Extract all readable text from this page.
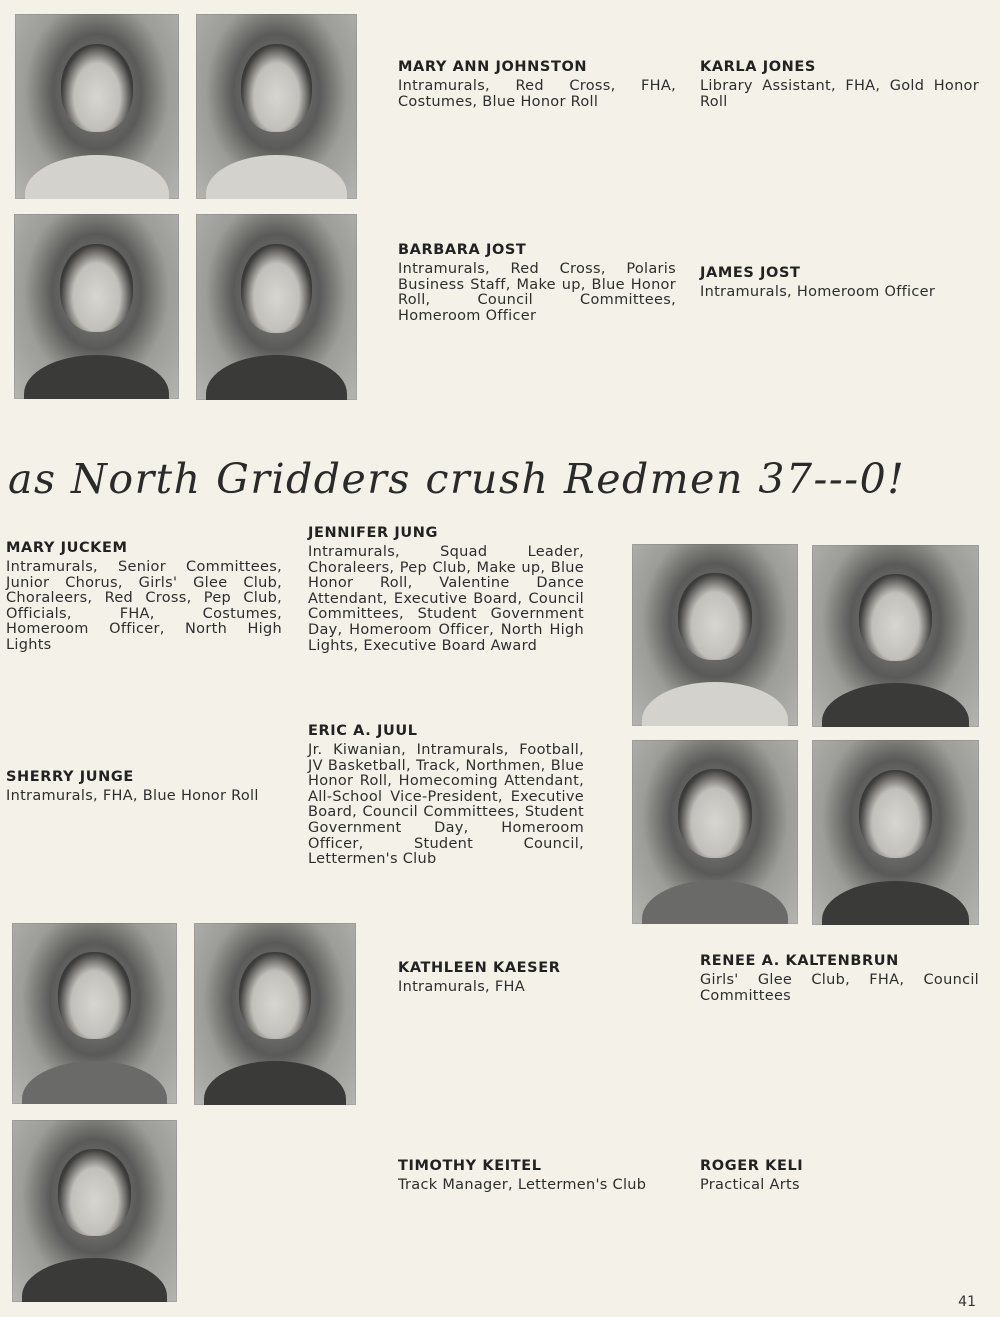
MARY ANN JOHNSTON

Intramurals, Red Cross, FHA, Costumes, Blue Honor Roll

KARLA JONES

Library Assistant, FHA, Gold Honor Roll

BARBARA JOST

Intramurals, Red Cross, Polaris Business Staff, Make up, Blue Honor Roll, Council Committees, Homeroom Officer

JAMES JOST

Intramurals, Homeroom Officer

as North Gridders crush Redmen 37---0!

MARY JUCKEM

Intramurals, Senior Committees, Junior Chorus, Girls' Glee Club, Choraleers, Red Cross, Pep Club, Officials, FHA, Costumes, Homeroom Officer, North High Lights

JENNIFER JUNG

Intramurals, Squad Leader, Choraleers, Pep Club, Make up, Blue Honor Roll, Valentine Dance Attendant, Executive Board, Council Committees, Student Government Day, Homeroom Officer, North High Lights, Executive Board Award

SHERRY JUNGE

Intramurals, FHA, Blue Honor Roll

ERIC A. JUUL

Jr. Kiwanian, Intramurals, Football, JV Basketball, Track, Northmen, Blue Honor Roll, Homecoming Attendant, All-School Vice-President, Executive Board, Council Committees, Student Government Day, Homeroom Officer, Student Council, Lettermen's Club

KATHLEEN KAESER

Intramurals, FHA

RENEE A. KALTENBRUN

Girls' Glee Club, FHA, Council Committees

TIMOTHY KEITEL

Track Manager, Lettermen's Club

ROGER KELI

Practical Arts

41
